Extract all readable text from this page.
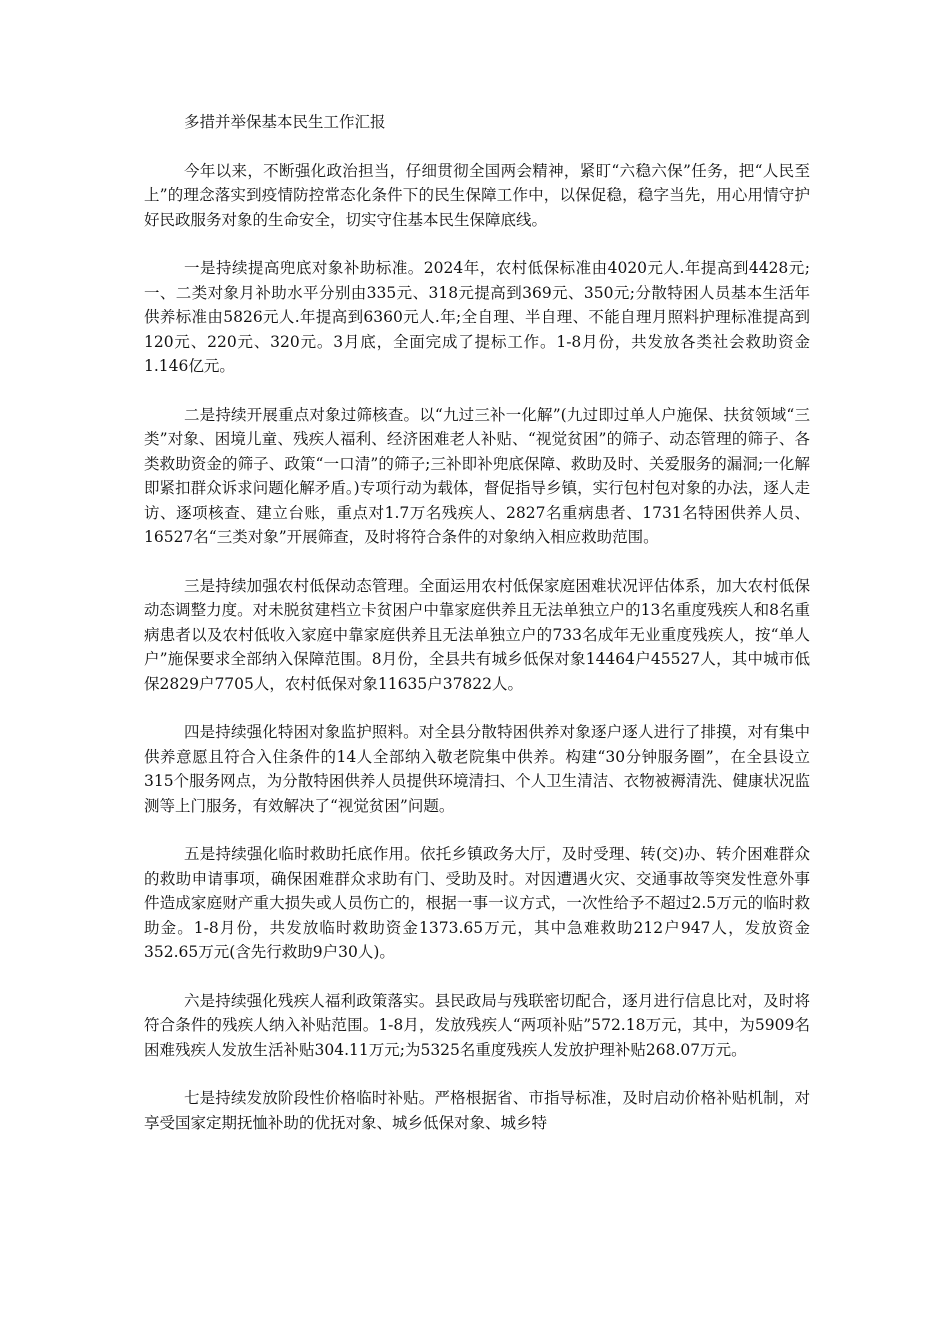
多措并举保基本民生工作汇报

今年以来，不断强化政治担当，仔细贯彻全国两会精神，紧盯“六稳六保”任务，把“人民至上”的理念落实到疫情防控常态化条件下的民生保障工作中，以保促稳，稳字当先，用心用情守护好民政服务对象的生命安全，切实守住基本民生保障底线。

一是持续提高兜底对象补助标准。2024年，农村低保标准由4020元人.年提高到4428元;一、二类对象月补助水平分别由335元、318元提高到369元、350元;分散特困人员基本生活年供养标准由5826元人.年提高到6360元人.年;全自理、半自理、不能自理月照料护理标准提高到120元、220元、320元。3月底，全面完成了提标工作。1-8月份，共发放各类社会救助资金1.146亿元。

二是持续开展重点对象过筛核查。以“九过三补一化解”(九过即过单人户施保、扶贫领域“三类”对象、困境儿童、残疾人福利、经济困难老人补贴、“视觉贫困”的筛子、动态管理的筛子、各类救助资金的筛子、政策“一口清”的筛子;三补即补兜底保障、救助及时、关爱服务的漏洞;一化解即紧扣群众诉求问题化解矛盾。)专项行动为载体，督促指导乡镇，实行包村包对象的办法，逐人走访、逐项核查、建立台账，重点对1.7万名残疾人、2827名重病患者、1731名特困供养人员、16527名“三类对象”开展筛查，及时将符合条件的对象纳入相应救助范围。

三是持续加强农村低保动态管理。全面运用农村低保家庭困难状况评估体系，加大农村低保动态调整力度。对未脱贫建档立卡贫困户中靠家庭供养且无法单独立户的13名重度残疾人和8名重病患者以及农村低收入家庭中靠家庭供养且无法单独立户的733名成年无业重度残疾人，按“单人户”施保要求全部纳入保障范围。8月份，全县共有城乡低保对象14464户45527人，其中城市低保2829户7705人，农村低保对象11635户37822人。

四是持续强化特困对象监护照料。对全县分散特困供养对象逐户逐人进行了排摸，对有集中供养意愿且符合入住条件的14人全部纳入敬老院集中供养。构建“30分钟服务圈”，在全县设立315个服务网点，为分散特困供养人员提供环境清扫、个人卫生清洁、衣物被褥清洗、健康状况监测等上门服务，有效解决了“视觉贫困”问题。

五是持续强化临时救助托底作用。依托乡镇政务大厅，及时受理、转(交)办、转介困难群众的救助申请事项，确保困难群众求助有门、受助及时。对因遭遇火灾、交通事故等突发性意外事件造成家庭财产重大损失或人员伤亡的，根据一事一议方式，一次性给予不超过2.5万元的临时救助金。1-8月份，共发放临时救助资金1373.65万元，其中急难救助212户947人，发放资金352.65万元(含先行救助9户30人)。

六是持续强化残疾人福利政策落实。县民政局与残联密切配合，逐月进行信息比对，及时将符合条件的残疾人纳入补贴范围。1-8月，发放残疾人“两项补贴”572.18万元，其中，为5909名困难残疾人发放生活补贴304.11万元;为5325名重度残疾人发放护理补贴268.07万元。

七是持续发放阶段性价格临时补贴。严格根据省、市指导标准，及时启动价格补贴机制，对享受国家定期抚恤补助的优抚对象、城乡低保对象、城乡特
